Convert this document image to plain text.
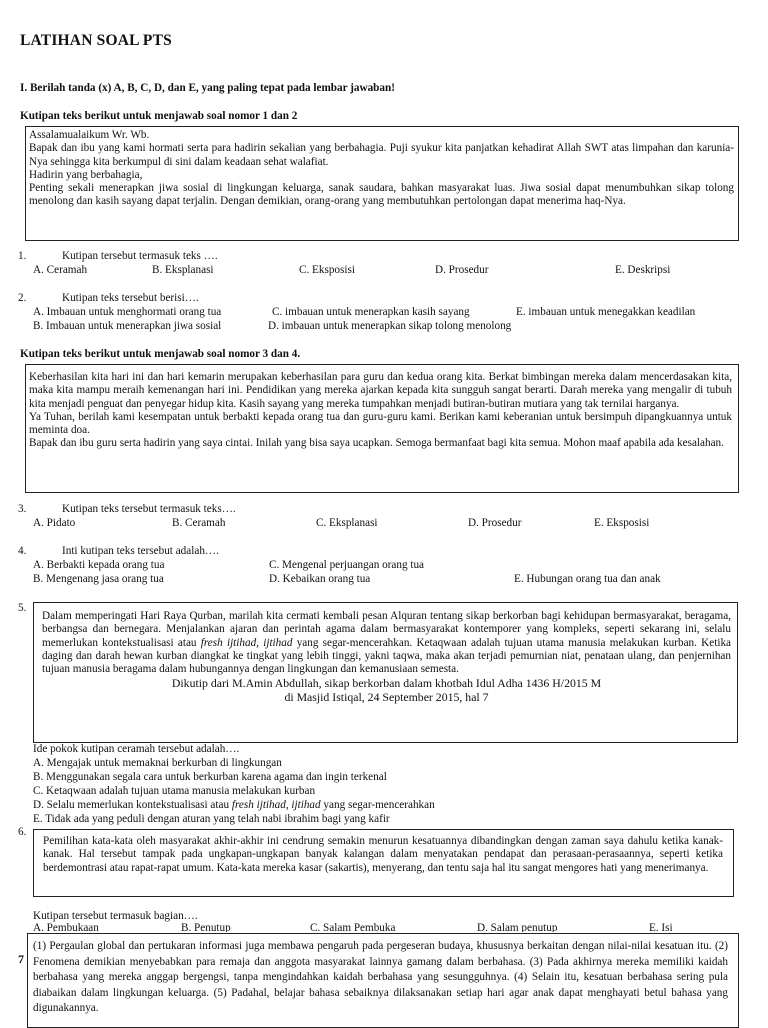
LATIHAN SOAL PTS
I. Berilah tanda (x) A, B, C, D, dan E, yang paling tepat pada lembar jawaban!
Kutipan teks berikut untuk menjawab soal nomor 1 dan 2

Assalamualaikum Wr. Wb.

Bapak dan ibu yang kami hormati serta para hadirin sekalian yang berbahagia. Puji syukur kita panjatkan kehadirat Allah SWT atas limpahan dan karunia-Nya sehingga kita berkumpul di sini dalam keadaan sehat walafiat.

Hadirin yang berbahagia,

Penting sekali menerapkan jiwa sosial di lingkungan keluarga, sanak saudara, bahkan masyarakat luas. Jiwa sosial dapat menumbuhkan sikap tolong menolong dan kasih sayang dapat terjalin. Dengan demikian, orang-orang yang membutuhkan pertolongan dapat menerima haq-Nya.

1.	Kutipan tersebut termasuk teks ….
A. Ceramah	B. Eksplanasi	C. Eksposisi	D. Prosedur	E. Deskripsi
2.	Kutipan teks tersebut berisi….
A. Imbauan untuk menghormati orang tua	C. imbauan untuk menerapkan kasih sayang	E. imbauan untuk menegakkan keadilan
B. Imbauan untuk menerapkan jiwa sosial	D. imbauan untuk menerapkan sikap tolong menolong
Kutipan teks berikut untuk menjawab soal nomor 3 dan 4.

Keberhasilan kita hari ini dan hari kemarin merupakan keberhasilan para guru dan kedua orang kita. Berkat bimbingan mereka dalam mencerdasakan kita, maka kita mampu meraih kemenangan hari ini. Pendidikan yang mereka ajarkan kepada kita sungguh sangat berarti. Darah mereka yang mengalir di tubuh kita menjadi penguat dan penyegar hidup kita. Kasih sayang yang mereka tumpahkan menjadi butiran-butiran mutiara yang tak ternilai harganya.

Ya Tuhan, berilah kami kesempatan untuk berbakti kepada orang tua dan guru-guru kami. Berikan kami keberanian untuk bersimpuh dipangkuannya untuk meminta doa.

Bapak dan ibu guru serta hadirin yang saya cintai. Inilah yang bisa saya ucapkan. Semoga bermanfaat bagi kita semua. Mohon maaf apabila ada kesalahan.

3.	Kutipan teks tersebut termasuk teks….
A. Pidato	B. Ceramah	C. Eksplanasi	D. Prosedur	E. Eksposisi
4.	Inti kutipan teks tersebut adalah….
A. Berbakti kepada orang tua	C. Mengenal perjuangan orang tua
B. Mengenang jasa orang tua	D. Kebaikan orang tua	E. Hubungan orang tua dan anak
5.

Dalam memperingati Hari Raya Qurban, marilah kita cermati kembali pesan Alquran tentang sikap berkorban bagi kehidupan bermasyarakat, beragama, berbangsa dan bernegara. Menjalankan ajaran dan perintah agama dalam bermasyarakat kontemporer yang kompleks, seperti sekarang ini, selalu memerlukan kontekstualisasi atau fresh ijtihad, ijtihad yang segar-mencerahkan. Ketaqwaan adalah tujuan utama manusia melakukan kurban. Ketika daging dan darah hewan kurban diangkat ke tingkat yang lebih tinggi, yakni taqwa, maka akan terjadi pemurnian niat, penataan ulang, dan penjernihan tujuan manusia beragama dalam hubungannya dengan lingkungan dan kemanusiaan semesta.

Dikutip dari M.Amin Abdullah, sikap berkorban dalam khotbah Idul Adha 1436 H/2015 M

di Masjid Istiqal, 24 September 2015, hal 7

Ide pokok kutipan ceramah tersebut adalah….
A. Mengajak untuk memaknai berkurban di lingkungan
B. Menggunakan segala cara untuk berkurban karena agama dan ingin terkenal
C. Ketaqwaan adalah tujuan utama manusia melakukan kurban
D. Selalu memerlukan kontekstualisasi atau fresh ijtihad, ijtihad yang segar-mencerahkan
E. Tidak ada yang peduli dengan aturan yang telah nabi ibrahim bagi yang kafir
6.

Pemilihan kata-kata oleh masyarakat akhir-akhir ini cendrung semakin menurun kesatuannya dibandingkan dengan zaman saya dahulu ketika kanak-kanak. Hal tersebut tampak pada ungkapan-ungkapan banyak kalangan dalam menyatakan pendapat dan perasaan-perasaannya, seperti ketika berdemontrasi atau rapat-rapat umum. Kata-kata mereka kasar (sakartis), menyerang, dan tentu saja hal itu sangat mengores hati yang menerimanya.

Kutipan tersebut termasuk bagian….
A. Pembukaan	B. Penutup	C. Salam Pembuka	D. Salam penutup	E. Isi
7

(1) Pergaulan global dan pertukaran informasi juga membawa pengaruh pada pergeseran budaya, khususnya berkaitan dengan nilai-nilai kesatuan itu. (2) Fenomena demikian menyebabkan para remaja dan anggota masyarakat lainnya gamang dalam berbahasa. (3) Pada akhirnya mereka memiliki kaidah berbahasa yang mereka anggap bergengsi, tanpa mengindahkan kaidah berbahasa yang sesungguhnya. (4) Selain itu, kesatuan berbahasa sering pula diabaikan dalam lingkungan keluarga. (5) Padahal, belajar bahasa sebaiknya dilaksanakan setiap hari agar anak dapat menghayati betul bahasa yang digunakannya.
